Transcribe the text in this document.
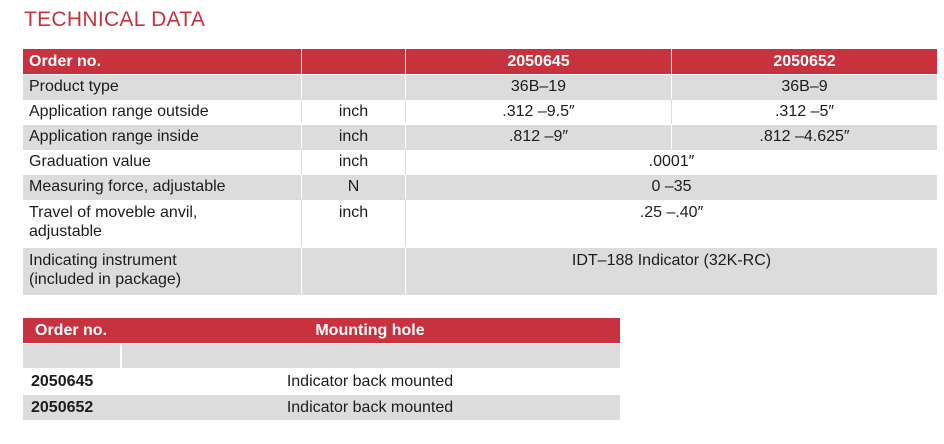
TECHNICAL DATA
Order no.		2050645	2050652
Product type		36B–19	36B–9
Application range outside	inch	.312 –9.5″	.312 –5″
Application range inside	inch	.812 –9″	.812 –4.625″
Graduation value	inch	.0001″	
Measuring force, adjustable	N	0 –35	

Travel of moveble anvil,
adjustable	inch	.25 –.40″	

Indicating instrument
(included in package)		IDT–188 Indicator (32K-RC)	
Order no.	Mounting hole

2050645	Indicator back mounted
2050652	Indicator back mounted
